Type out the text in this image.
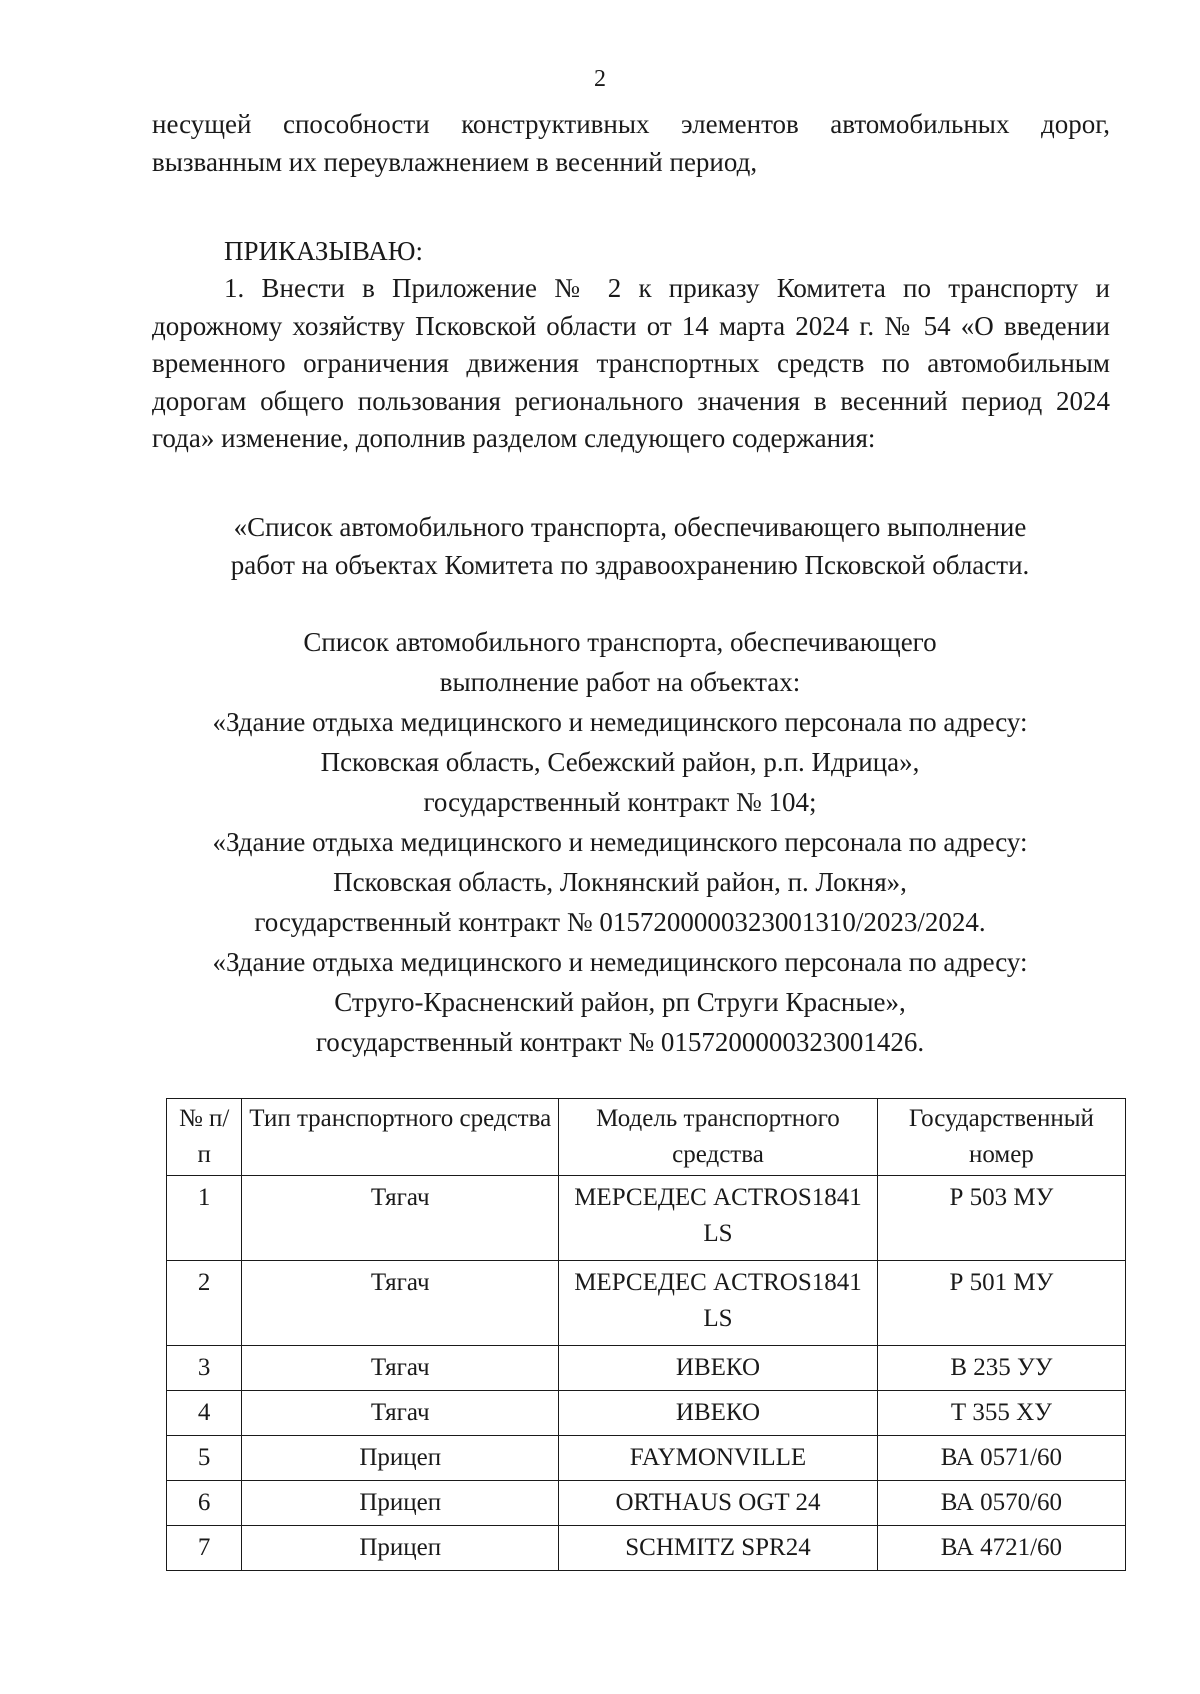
2
несущей способности конструктивных элементов автомобильных дорог, вызванным их переувлажнением в весенний период,
ПРИКАЗЫВАЮ:
1. Внести в Приложение № 2 к приказу Комитета по транспорту и дорожному хозяйству Псковской области от 14 марта 2024 г. № 54 «О введении временного ограничения движения транспортных средств по автомобильным дорогам общего пользования регионального значения в весенний период 2024 года» изменение, дополнив разделом следующего содержания:
«Список автомобильного транспорта, обеспечивающего выполнение
работ на объектах Комитета по здравоохранению Псковской области.
Список автомобильного транспорта, обеспечивающего
выполнение работ на объектах:
«Здание отдыха медицинского и немедицинского персонала по адресу:
Псковская область, Себежский район, р.п. Идрица»,
государственный контракт № 104;
«Здание отдыха медицинского и немедицинского персонала по адресу:
Псковская область, Локнянский район, п. Локня»,
государственный контракт № 0157200000323001310/2023/2024.
«Здание отдыха медицинского и немедицинского персонала по адресу:
Струго-Красненский район, рп Струги Красные»,
государственный контракт № 0157200000323001426.
№ п/п	Тип транспортного средства	Модель транспортного средства	Государственный номер
1	Тягач	МЕРСЕДЕС ACTROS1841 LS	Р 503 МУ
2	Тягач	МЕРСЕДЕС ACTROS1841 LS	Р 501 МУ
3	Тягач	ИВЕКО	В 235 УУ
4	Тягач	ИВЕКО	Т 355 ХУ
5	Прицеп	FAYMONVILLE	ВА 0571/60
6	Прицеп	ORTHAUS OGT 24	ВА 0570/60
7	Прицеп	SCHMITZ SPR24	ВА 4721/60
